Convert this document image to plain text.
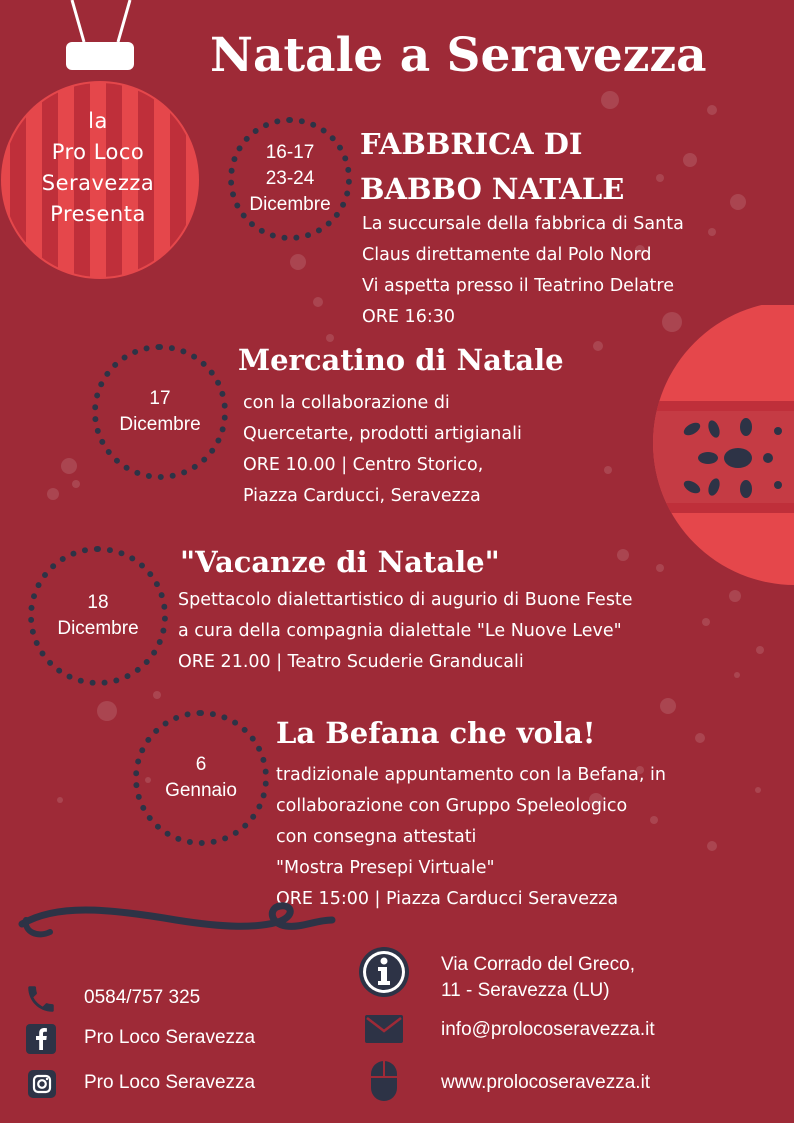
la
Pro Loco
Seravezza
Presenta
Natale a Seravezza
16-17
23-24
Dicembre
FABBRICA DI
BABBO NATALE
La succursale della fabbrica di Santa
Claus direttamente dal Polo Nord
Vi aspetta presso il Teatrino Delatre
ORE 16:30
17
Dicembre
Mercatino di Natale
con la collaborazione di
Quercetarte, prodotti artigianali
ORE 10.00 | Centro Storico,
Piazza Carducci, Seravezza
18
Dicembre
"Vacanze di Natale"
Spettacolo dialettartistico di augurio di Buone Feste
a cura della compagnia dialettale "Le Nuove Leve"
ORE 21.00 | Teatro Scuderie Granducali
6
Gennaio
La Befana che vola!
tradizionale appuntamento con la Befana, in
collaborazione con Gruppo Speleologico
con consegna attestati
"Mostra Presepi Virtuale"
ORE 15:00 | Piazza Carducci Seravezza
0584/757 325
Pro Loco Seravezza
Pro Loco Seravezza
Via Corrado del Greco,
11 - Seravezza (LU)
info@prolocoseravezza.it
www.prolocoseravezza.it
